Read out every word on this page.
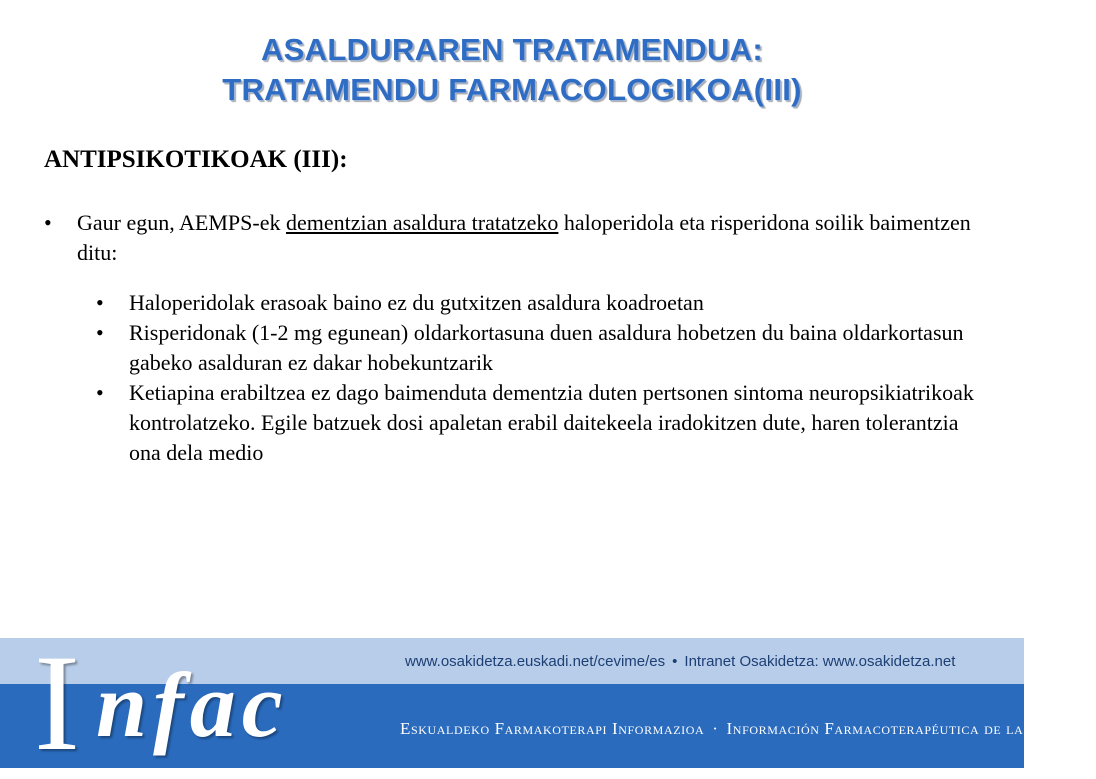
ASALDURAREN TRATAMENDUA:
TRATAMENDU FARMACOLOGIKOA(III)
ANTIPSIKOTIKOAK (III):
• Gaur egun, AEMPS-ek dementzian asaldura tratatzeko haloperidola eta risperidona soilik baimentzen ditu:
• Haloperidolak erasoak baino ez du gutxitzen asaldura koadroetan
• Risperidonak (1-2 mg egunean) oldarkortasuna duen asaldura hobetzen du baina oldarkortasun gabeko asalduran ez dakar hobekuntzarik
• Ketiapina erabiltzea ez dago baimenduta dementzia duten pertsonen sintoma neuropsikiatrikoak kontrolatzeko. Egile batzuek dosi apaletan erabil daitekeela iradokitzen dute, haren tolerantzia ona dela medio
I nfac	www.osakidetza.euskadi.net/cevime/es • Intranet Osakidetza: www.osakidetza.net
Eskualdeko Farmakoterapi Informazioa · Información Farmacoterapéutica de la Comarca
